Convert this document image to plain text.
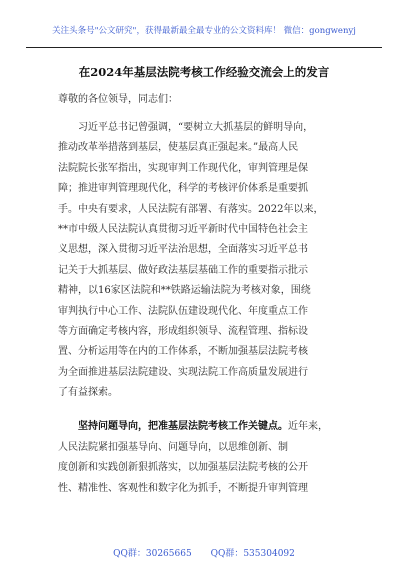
关注头条号"公文研究"，获得最新最全最专业的公文资料库！ 微信：gongwenyj
在2024年基层法院考核工作经验交流会上的发言
尊敬的各位领导，同志们：
　　习近平总书记曾强调，“要树立大抓基层的鲜明导向，
推动改革举措落到基层，使基层真正强起来。”最高人民
法院院长张军指出，实现审判工作现代化，审判管理是保
障；推进审判管理现代化，科学的考核评价体系是重要抓
手。中央有要求，人民法院有部署、有落实。2022年以来，
**市中级人民法院认真贯彻习近平新时代中国特色社会主
义思想，深入贯彻习近平法治思想，全面落实习近平总书
记关于大抓基层、做好政法基层基础工作的重要指示批示
精神，以16家区法院和**铁路运输法院为考核对象，围绕
审判执行中心工作、法院队伍建设现代化、年度重点工作
等方面确定考核内容，形成组织领导、流程管理、指标设
置、分析运用等在内的工作体系，不断加强基层法院考核
为全面推进基层法院建设、实现法院工作高质量发展进行
了有益探索。
　　坚持问题导向，把准基层法院考核工作关键点。近年来，
人民法院紧扣强基导向、问题导向，以思维创新、制
度创新和实践创新狠抓落实，以加强基层法院考核的公开
性、精准性、客观性和数字化为抓手，不断提升审判管理
QQ群：30265665 QQ群：535304092
